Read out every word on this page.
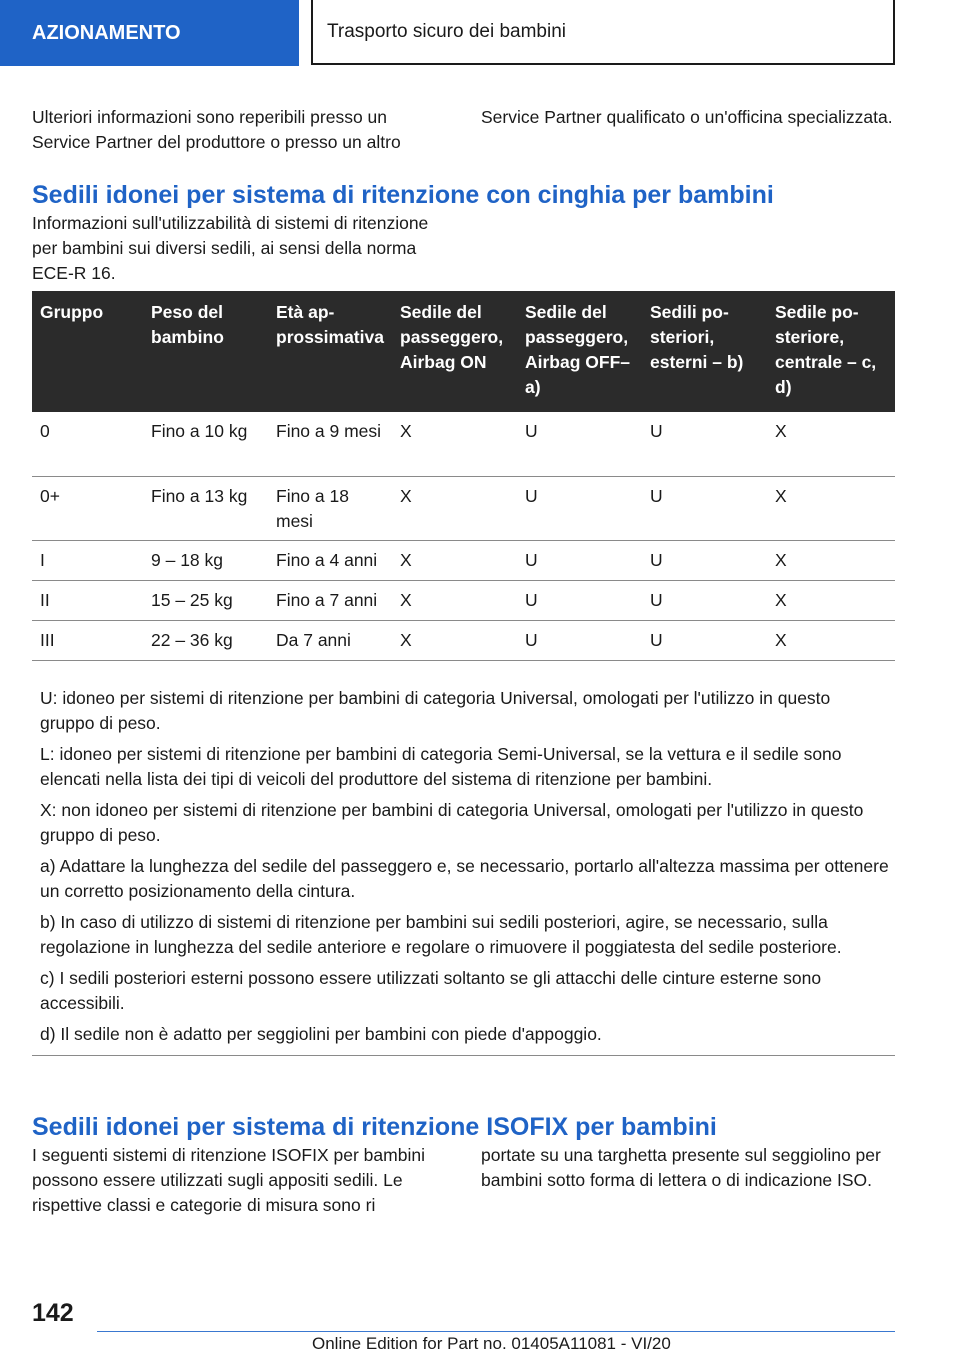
AZIONAMENTO	Trasporto sicuro dei bambini

Ulteriori informazioni sono reperibili presso un Service Partner del produttore o presso un altro

Service Partner qualificato o un'officina specializzata.

Sedili idonei per sistema di ritenzione con cinghia per bambini

Informazioni sull'utilizzabilità di sistemi di ritenzione per bambini sui diversi sedili, ai sensi della norma ECE-R 16.

Gruppo	Peso del bambino	Età approssimativa	Sedile del passeggero, Airbag ON	Sedile del passeggero, Airbag OFF– a)	Sedili posteriori, esterni – b)	Sedile posteriore, centrale – c, d)
0	Fino a 10 kg	Fino a 9 mesi	X	U	U	X
0+	Fino a 13 kg	Fino a 18 mesi	X	U	U	X
I	9 – 18 kg	Fino a 4 anni	X	U	U	X
II	15 – 25 kg	Fino a 7 anni	X	U	U	X
III	22 – 36 kg	Da 7 anni	X	U	U	X

U: idoneo per sistemi di ritenzione per bambini di categoria Universal, omologati per l'utilizzo in questo gruppo di peso.

L: idoneo per sistemi di ritenzione per bambini di categoria Semi-Universal, se la vettura e il sedile sono elencati nella lista dei tipi di veicoli del produttore del sistema di ritenzione per bambini.

X: non idoneo per sistemi di ritenzione per bambini di categoria Universal, omologati per l'utilizzo in questo gruppo di peso.

a) Adattare la lunghezza del sedile del passeggero e, se necessario, portarlo all'altezza massima per ottenere un corretto posizionamento della cintura.

b) In caso di utilizzo di sistemi di ritenzione per bambini sui sedili posteriori, agire, se necessario, sulla regolazione in lunghezza del sedile anteriore e regolare o rimuovere il poggiatesta del sedile posteriore.

c) I sedili posteriori esterni possono essere utilizzati soltanto se gli attacchi delle cinture esterne sono accessibili.

d) Il sedile non è adatto per seggiolini per bambini con piede d'appoggio.

Sedili idonei per sistema di ritenzione ISOFIX per bambini

I seguenti sistemi di ritenzione ISOFIX per bambini possono essere utilizzati sugli appositi sedili. Le rispettive classi e categorie di misura sono ri

portate su una targhetta presente sul seggiolino per bambini sotto forma di lettera o di indicazione ISO.

142
Online Edition for Part no. 01405A11081 - VI/20
